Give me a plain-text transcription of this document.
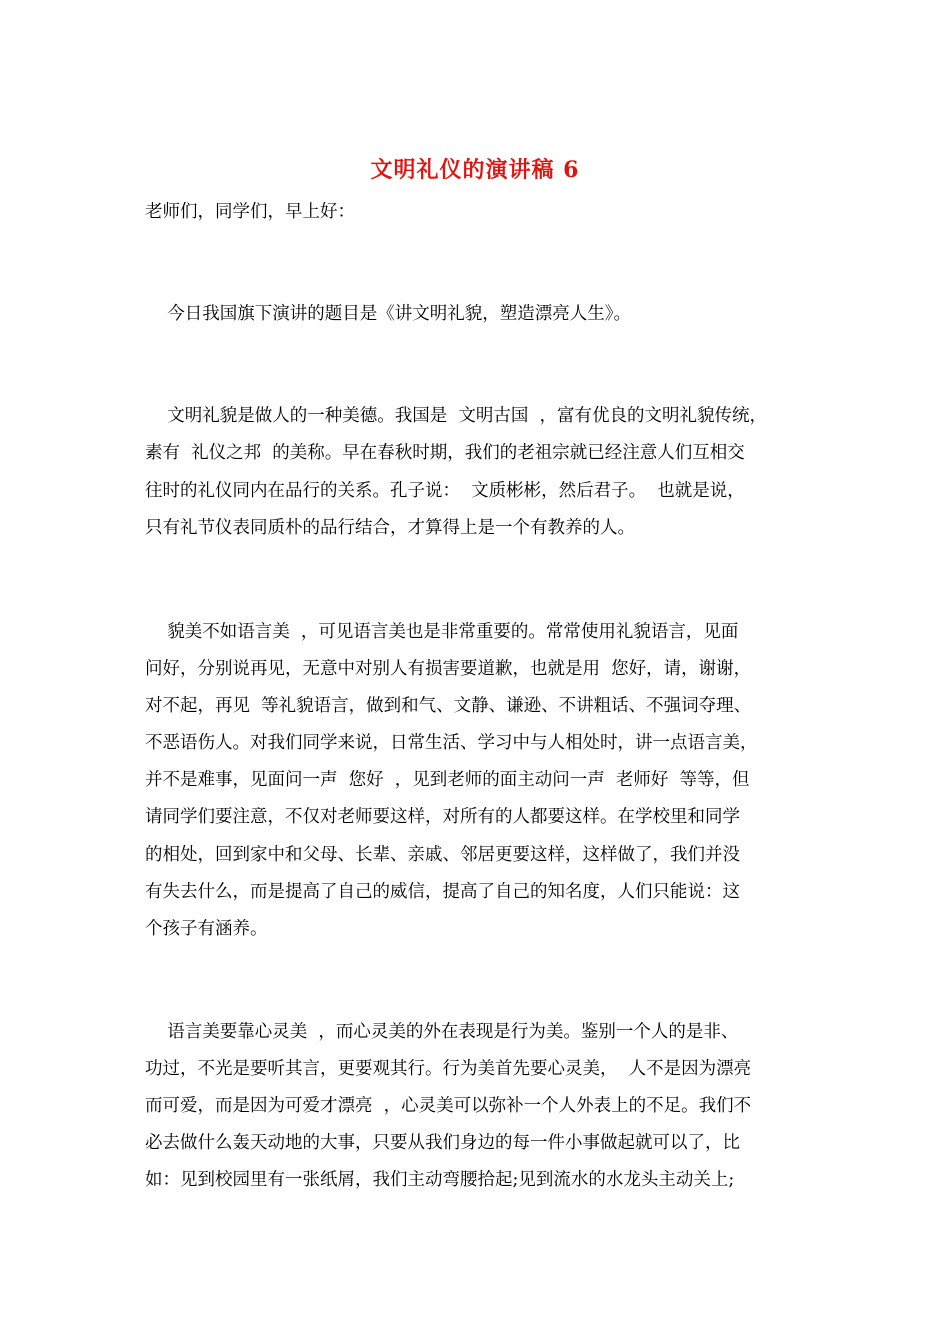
文明礼仪的演讲稿 6
老师们，同学们，早上好：
今日我国旗下演讲的题目是《讲文明礼貌，塑造漂亮人生》。
文明礼貌是做人的一种美德。我国是  文明古国  ，富有优良的文明礼貌传统，
素有  礼仪之邦  的美称。早在春秋时期，我们的老祖宗就已经注意人们互相交
往时的礼仪同内在品行的关系。孔子说：  文质彬彬，然后君子。  也就是说，
只有礼节仪表同质朴的品行结合，才算得上是一个有教养的人。
貌美不如语言美  ，可见语言美也是非常重要的。常常使用礼貌语言，见面
问好，分别说再见，无意中对别人有损害要道歉，也就是用  您好，请，谢谢，
对不起，再见  等礼貌语言，做到和气、文静、谦逊、不讲粗话、不强词夺理、
不恶语伤人。对我们同学来说，日常生活、学习中与人相处时，讲一点语言美，
并不是难事，见面问一声  您好  ，见到老师的面主动问一声  老师好  等等，但
请同学们要注意，不仅对老师要这样，对所有的人都要这样。在学校里和同学
的相处，回到家中和父母、长辈、亲戚、邻居更要这样，这样做了，我们并没
有失去什么，而是提高了自己的威信，提高了自己的知名度，人们只能说：这
个孩子有涵养。
语言美要靠心灵美  ，而心灵美的外在表现是行为美。鉴别一个人的是非、
功过，不光是要听其言，更要观其行。行为美首先要心灵美，  人不是因为漂亮
而可爱，而是因为可爱才漂亮  ，心灵美可以弥补一个人外表上的不足。我们不
必去做什么轰天动地的大事，只要从我们身边的每一件小事做起就可以了，比
如：见到校园里有一张纸屑，我们主动弯腰拾起;见到流水的水龙头主动关上;
